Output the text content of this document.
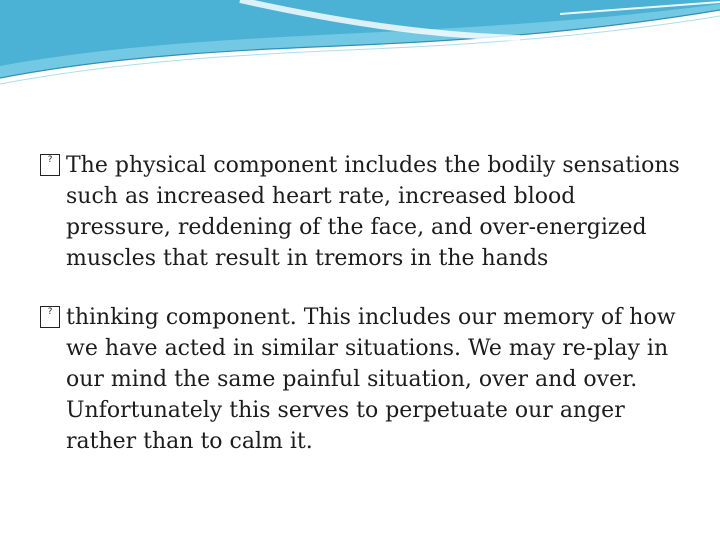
? The physical component includes the bodily sensations such as increased heart rate, increased blood pressure, reddening of the face, and over-energized muscles that result in tremors in the hands
? thinking component. This includes our memory of how we have acted in similar situations. We may re-play in our mind the same painful situation, over and over. Unfortunately this serves to perpetuate our anger rather than to calm it.
